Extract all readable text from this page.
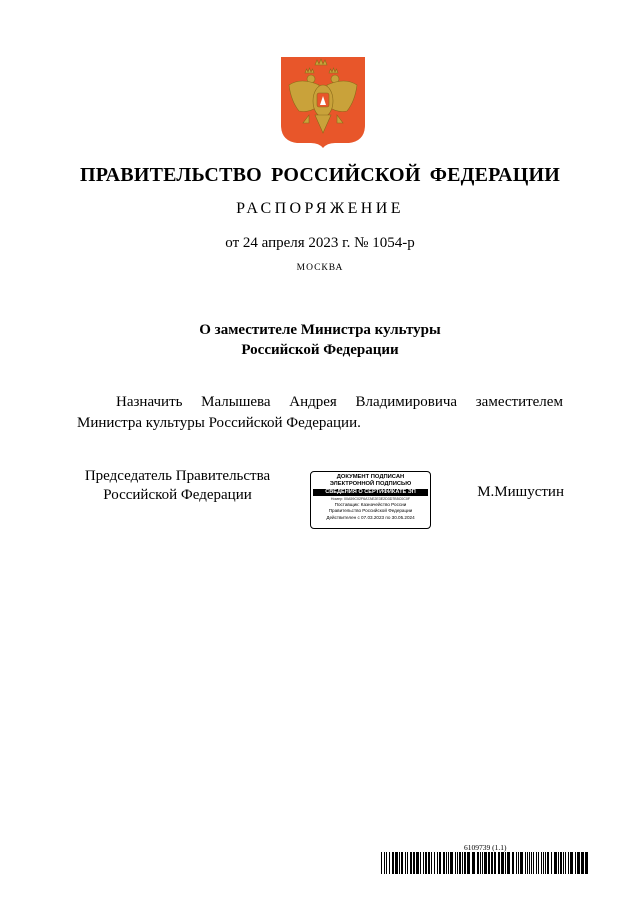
ПРАВИТЕЛЬСТВО РОССИЙСКОЙ ФЕДЕРАЦИИ
РАСПОРЯЖЕНИЕ
от 24 апреля 2023 г. № 1054-р
МОСКВА
О заместителе Министра культуры
Российской Федерации
Назначить Малышева Андрея Владимировича заместителем
Министра культуры Российской Федерации.
Председатель Правительства
Российской Федерации
ДОКУМЕНТ ПОДПИСАН
ЭЛЕКТРОННОЙ ПОДПИСЬЮ
СВЕДЕНИЯ О СЕРТИФИКАТЕ ЭП
Номер: 00A59C02F6A7AE2E3E2D3D7B5C0C0F
Поставщик: Казначейство России
Правительство Российской Федерации
Действителен с 07.03.2023 по 30.05.2024
М.Мишустин
6109739 (1.1)
